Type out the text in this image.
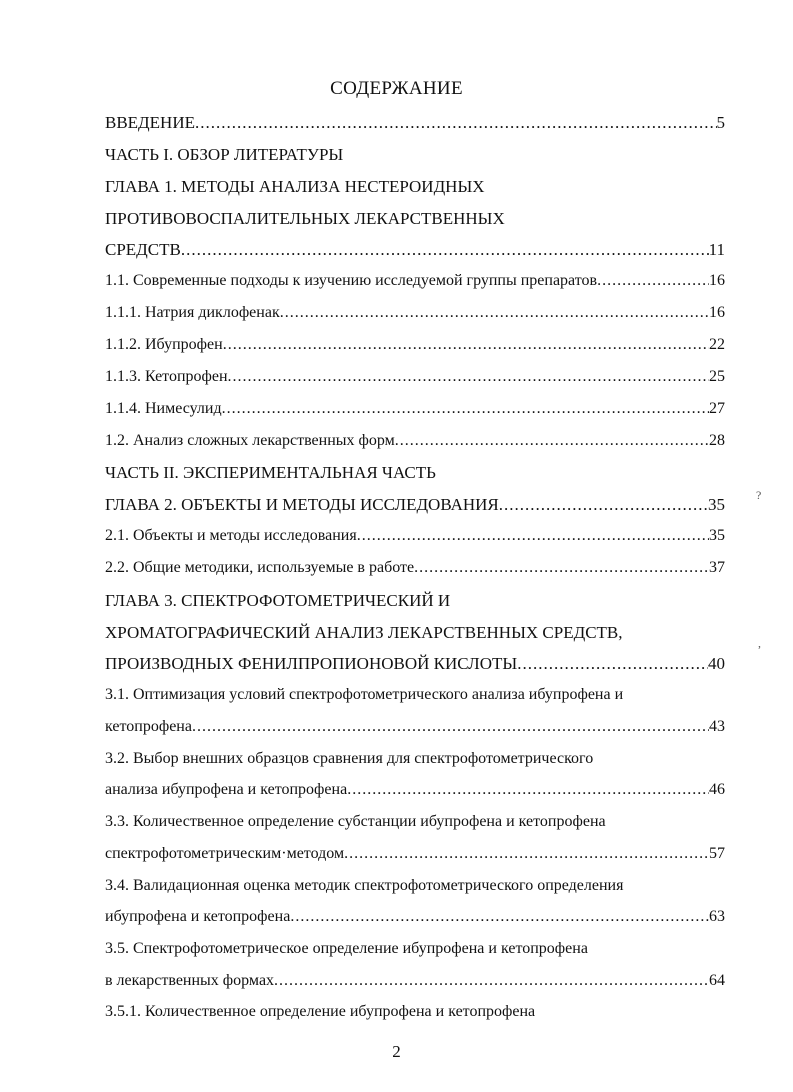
СОДЕРЖАНИЕ
ВВЕДЕНИЕ .....	5
ЧАСТЬ I. ОБЗОР ЛИТЕРАТУРЫ
ГЛАВА 1. МЕТОДЫ АНАЛИЗА НЕСТЕРОИДНЫХ
ПРОТИВОВОСПАЛИТЕЛЬНЫХ ЛЕКАРСТВЕННЫХ
СРЕДСТВ .....	11
1.1. Современные подходы к изучению исследуемой группы препаратов .....	16
1.1.1. Натрия диклофенак .....	16
1.1.2. Ибупрофен .....	22
1.1.3. Кетопрофен .....	25
1.1.4. Нимесулид .....	27
1.2. Анализ сложных лекарственных форм .....	28
ЧАСТЬ II. ЭКСПЕРИМЕНТАЛЬНАЯ ЧАСТЬ
ГЛАВА 2. ОБЪЕКТЫ И МЕТОДЫ ИССЛЕДОВАНИЯ .....	35
2.1. Объекты и методы исследования .....	35
2.2. Общие методики, используемые в работе .....	37
ГЛАВА 3. СПЕКТРОФОТОМЕТРИЧЕСКИЙ И
ХРОМАТОГРАФИЧЕСКИЙ АНАЛИЗ ЛЕКАРСТВЕННЫХ СРЕДСТВ,
ПРОИЗВОДНЫХ ФЕНИЛПРОПИОНОВОЙ КИСЛОТЫ .....	40
3.1. Оптимизация условий спектрофотометрического анализа ибупрофена и
кетопрофена .....	43
3.2. Выбор внешних образцов сравнения для спектрофотометрического
анализа ибупрофена и кетопрофена .....	46
3.3. Количественное определение субстанции ибупрофена и кетопрофена
спектрофотометрическим·методом .....	57
3.4. Валидационная оценка методик спектрофотометрического определения
ибупрофена и кетопрофена .....	63
3.5. Спектрофотометрическое определение ибупрофена и кетопрофена
в лекарственных формах .....	64
3.5.1. Количественное определение ибупрофена и кетопрофена
2
?
,
